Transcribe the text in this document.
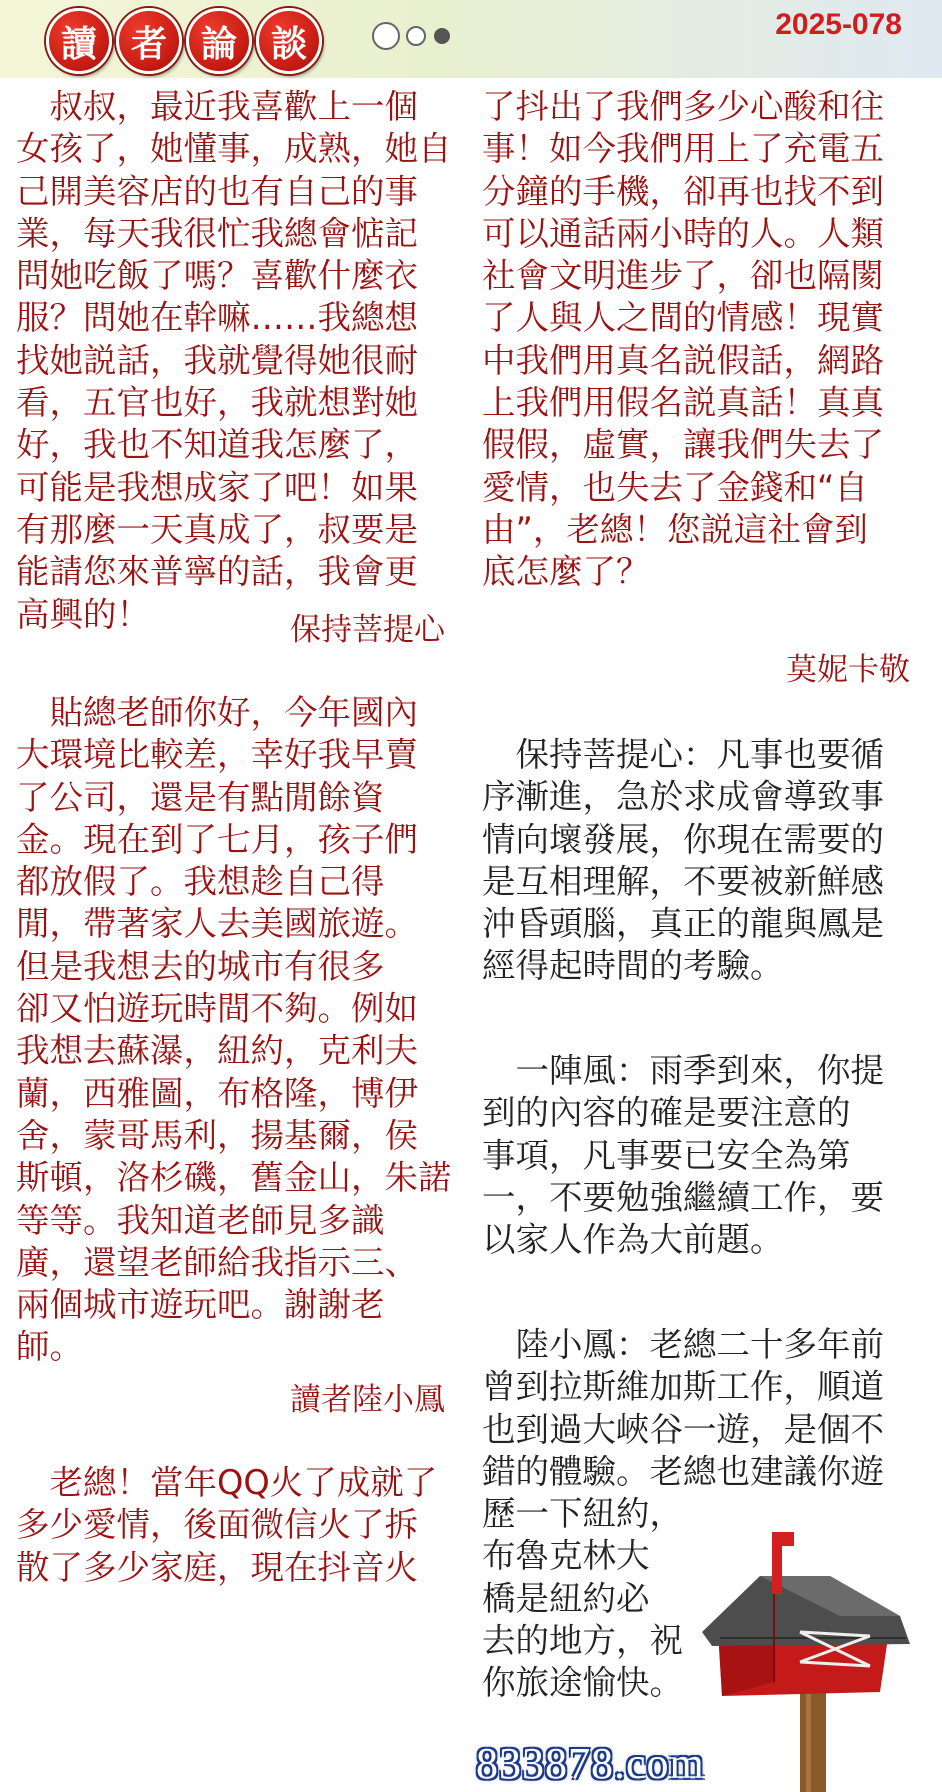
讀 者 論 談	2025-078
　叔叔，最近我喜歡上一個
女孩了，她懂事，成熟，她自
己開美容店的也有自己的事
業，每天我很忙我總會惦記
問她吃飯了嗎？喜歡什麼衣
服？問她在幹嘛……我總想
找她説話，我就覺得她很耐
看，五官也好，我就想對她
好，我也不知道我怎麼了，
可能是我想成家了吧！如果
有那麼一天真成了，叔要是
能請您來普寧的話，我會更
高興的！	保持菩提心
　貼總老師你好，今年國內
大環境比較差，幸好我早賣
了公司，還是有點閒餘資
金。現在到了七月，孩子們
都放假了。我想趁自己得
閒，帶著家人去美國旅遊。
但是我想去的城市有很多
卻又怕遊玩時間不夠。例如
我想去蘇瀑，紐約，克利夫
蘭，西雅圖，布格隆，博伊
舍，蒙哥馬利，揚基爾，侯
斯頓，洛杉磯，舊金山，朱諾
等等。我知道老師見多識
廣，還望老師給我指示三、
兩個城市遊玩吧。謝謝老
師。
讀者陸小鳳
　老總！當年QQ火了成就了
多少愛情，後面微信火了拆
散了多少家庭，現在抖音火
了抖出了我們多少心酸和往
事！如今我們用上了充電五
分鐘的手機，卻再也找不到
可以通話兩小時的人。人類
社會文明進步了，卻也隔閡
了人與人之間的情感！現實
中我們用真名説假話，網路
上我們用假名説真話！真真
假假，虛實，讓我們失去了
愛情，也失去了金錢和“自
由”，老總！您説這社會到
底怎麼了？
莫妮卡敬
　保持菩提心：凡事也要循
序漸進，急於求成會導致事
情向壞發展，你現在需要的
是互相理解，不要被新鮮感
沖昏頭腦，真正的龍與鳳是
經得起時間的考驗。
　一陣風：雨季到來，你提
到的內容的確是要注意的
事項，凡事要已安全為第
一，不要勉強繼續工作，要
以家人作為大前題。
　陸小鳳：老總二十多年前
曾到拉斯維加斯工作，順道
也到過大峽谷一遊，是個不
錯的體驗。老總也建議你遊
歷一下紐約，
布魯克林大
橋是紐約必
去的地方，祝
你旅途愉快。
833878.com
